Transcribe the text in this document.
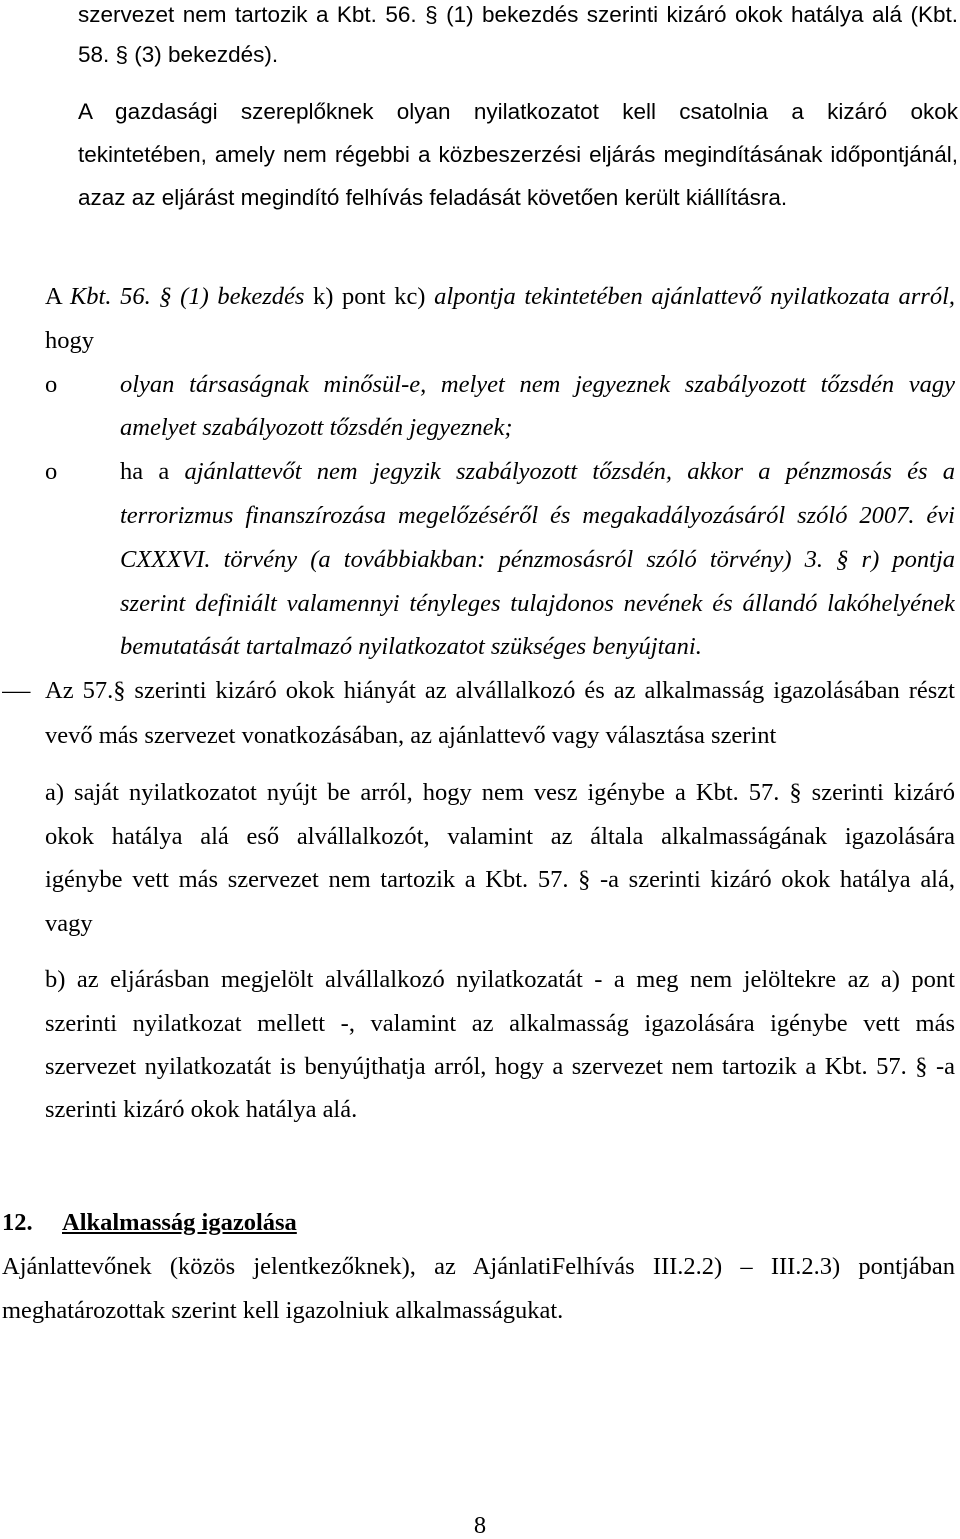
szervezet nem tartozik a Kbt. 56. § (1) bekezdés szerinti kizáró okok hatálya alá (Kbt.
58. § (3) bekezdés).
A gazdasági szereplőknek olyan nyilatkozatot kell csatolnia a kizáró okok
tekintetében, amely nem régebbi a közbeszerzési eljárás megindításának időpontjánál,
azaz az eljárást megindító felhívás feladását követően került kiállításra.
A Kbt. 56. § (1) bekezdés k) pont kc) alpontja tekintetében ajánlattevő nyilatkozata arról,
hogy
o	olyan társaságnak minősül-e, melyet nem jegyeznek szabályozott tőzsdén vagy
amelyet szabályozott tőzsdén jegyeznek;
o	ha a ajánlattevőt nem jegyzik szabályozott tőzsdén, akkor a pénzmosás és a
terrorizmus finanszírozása megelőzéséről és megakadályozásáról szóló 2007. évi
CXXXVI. törvény (a továbbiakban: pénzmosásról szóló törvény) 3. § r) pontja
szerint definiált valamennyi tényleges tulajdonos nevének és állandó lakóhelyének
bemutatását tartalmazó nyilatkozatot szükséges benyújtani.
– Az 57.§ szerinti kizáró okok hiányát az alvállalkozó és az alkalmasság igazolásában részt
vevő más szervezet vonatkozásában, az ajánlattevő vagy választása szerint
a) saját nyilatkozatot nyújt be arról, hogy nem vesz igénybe a Kbt. 57. § szerinti kizáró
okok hatálya alá eső alvállalkozót, valamint az általa alkalmasságának igazolására
igénybe vett más szervezet nem tartozik a Kbt. 57. § -a szerinti kizáró okok hatálya alá,
vagy
b) az eljárásban megjelölt alvállalkozó nyilatkozatát - a meg nem jelöltekre az a) pont
szerinti nyilatkozat mellett -, valamint az alkalmasság igazolására igénybe vett más
szervezet nyilatkozatát is benyújthatja arról, hogy a szervezet nem tartozik a Kbt. 57. § -a
szerinti kizáró okok hatálya alá.
12.	Alkalmasság igazolása
Ajánlattevőnek (közös jelentkezőknek), az AjánlatiFelhívás III.2.2) – III.2.3) pontjában
meghatározottak szerint kell igazolniuk alkalmasságukat.
8
